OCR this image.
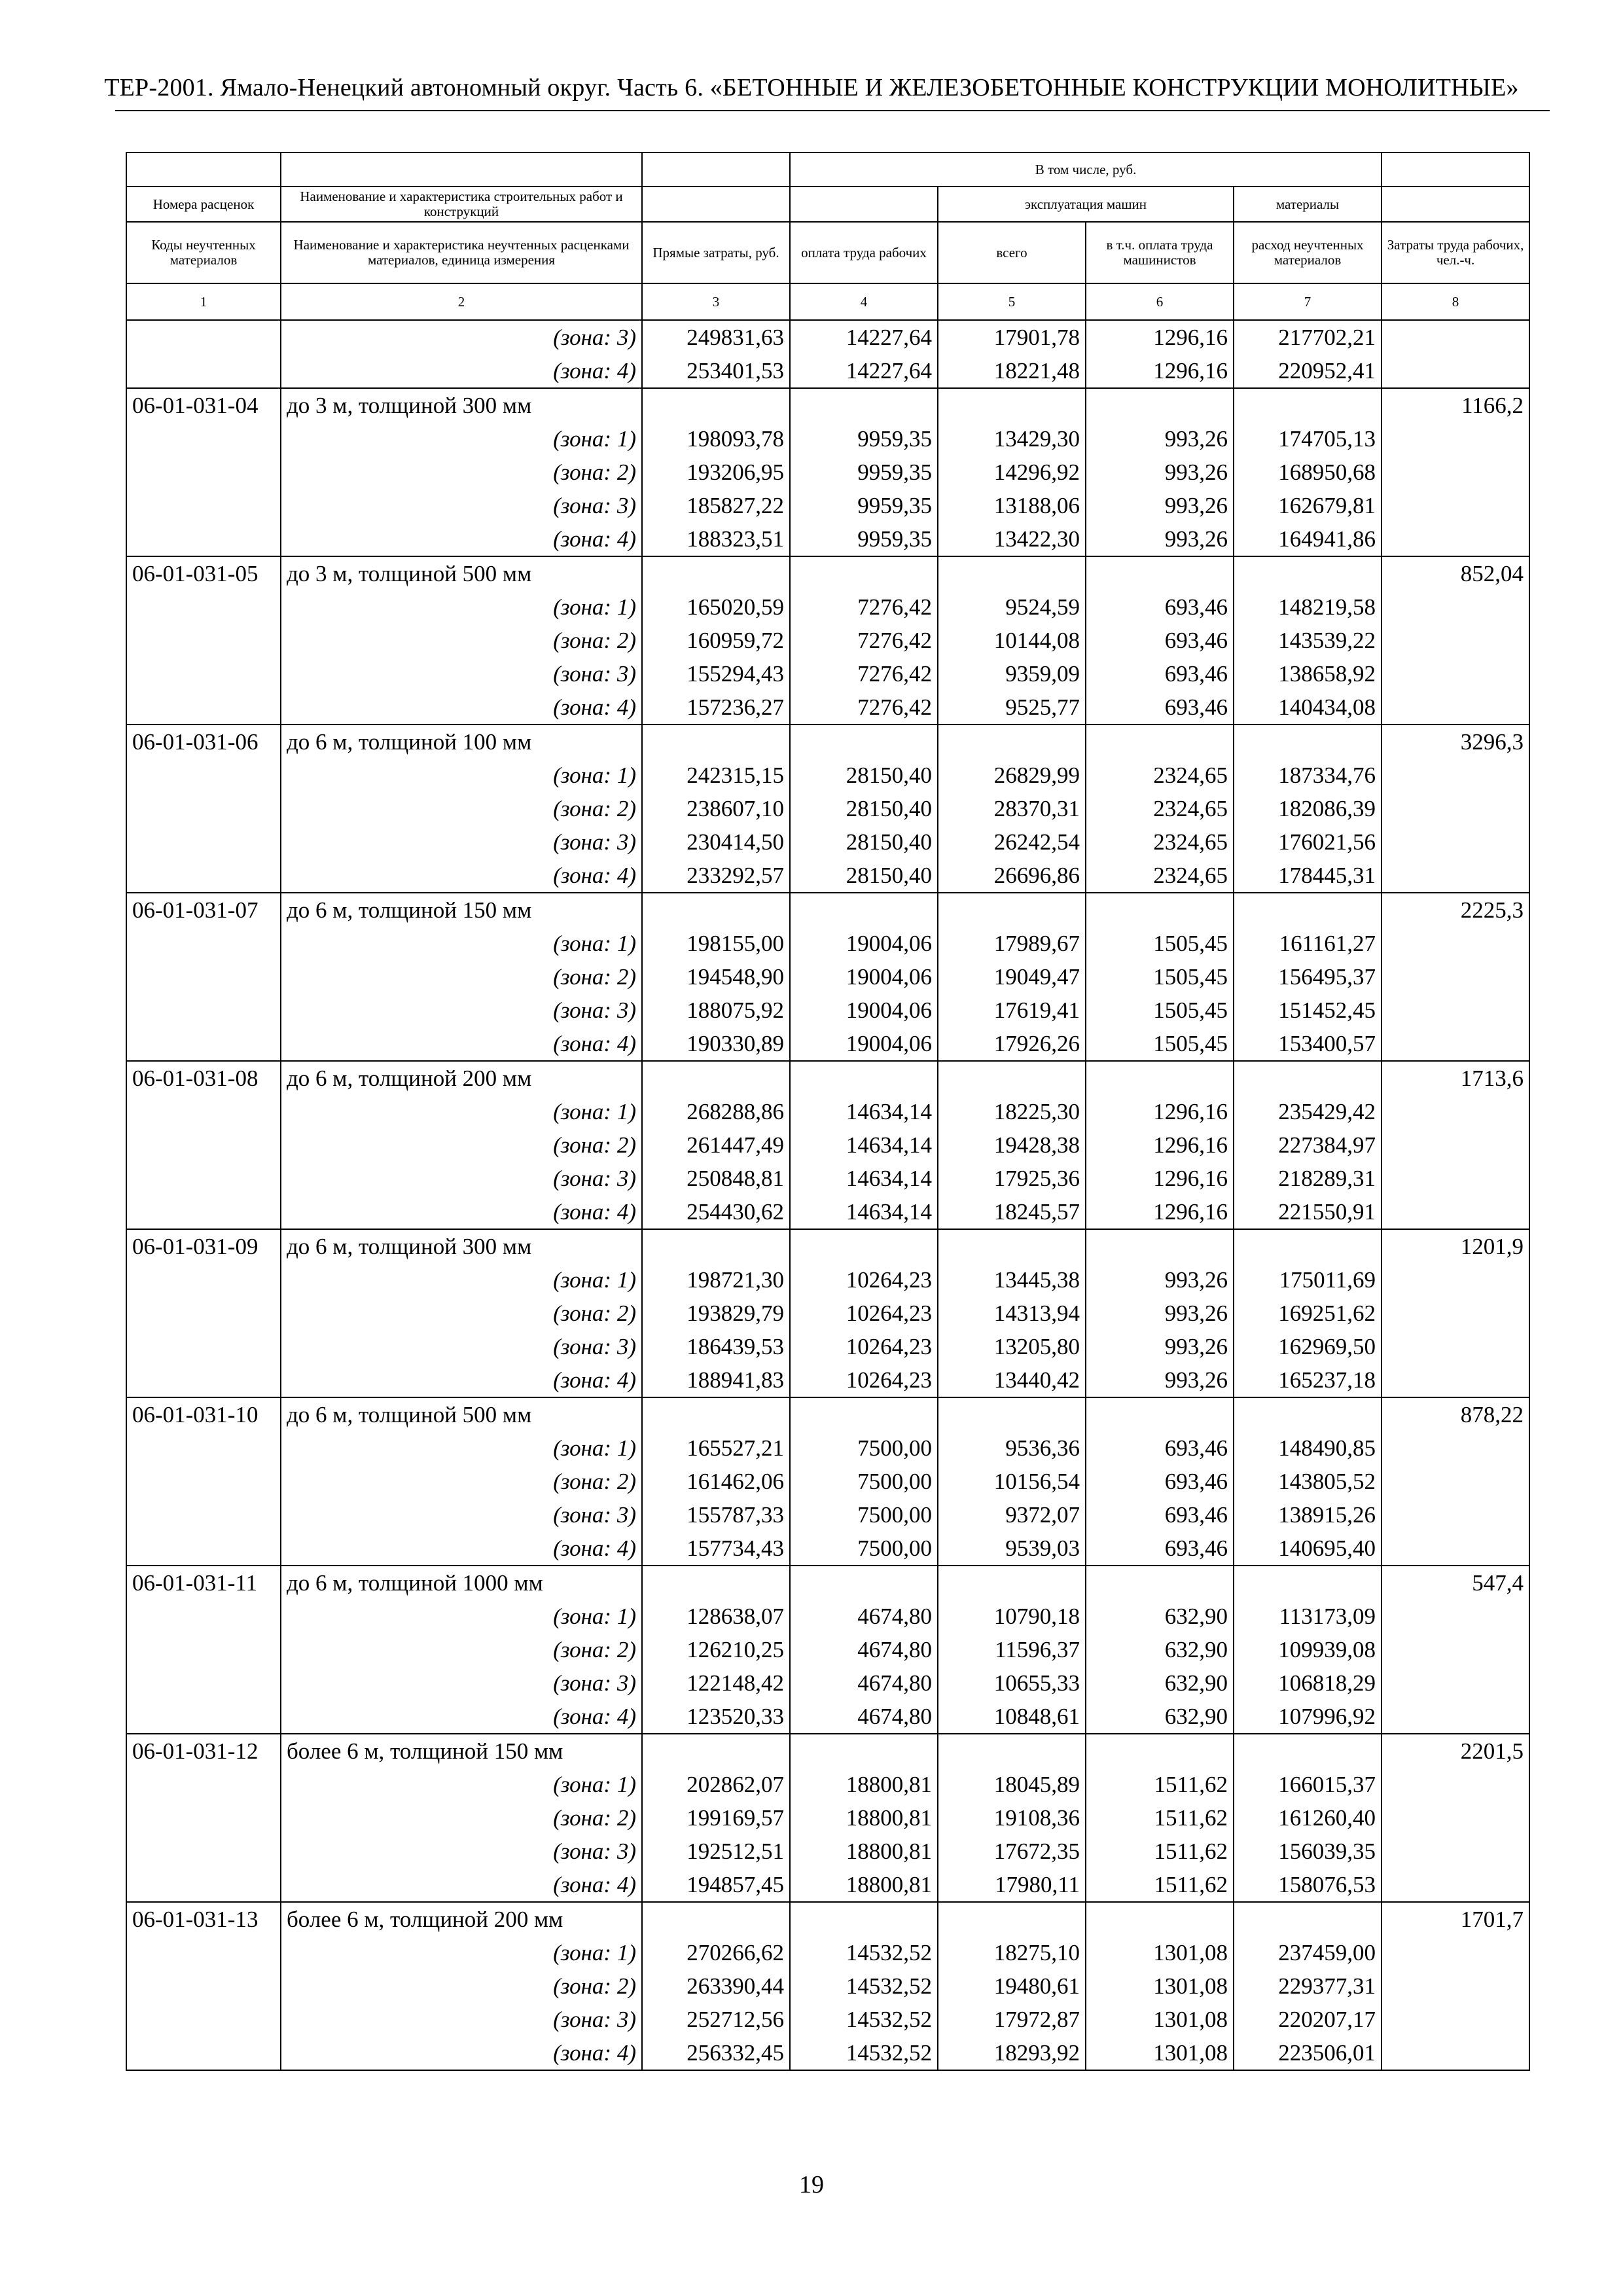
ТЕР-2001. Ямало-Ненецкий автономный округ. Часть 6. «БЕТОННЫЕ И ЖЕЛЕЗОБЕТОННЫЕ КОНСТРУКЦИИ МОНОЛИТНЫЕ»
			В том числе, руб.				
Номера расценок	Наименование и характеристика строительных работ и конструкций			эксплуатация машин		материалы	
Коды неучтенных материалов	Наименование и характеристика неучтенных расценками материалов, единица измерения	Прямые затраты, руб.	оплата труда рабочих	всего	в т.ч. оплата труда машинистов	расход неучтенных материалов	Затраты труда рабочих, чел.-ч.
1	2	3	4	5	6	7	8
	(зона: 3)	249831,63	14227,64	17901,78	1296,16	217702,21	
	(зона: 4)	253401,53	14227,64	18221,48	1296,16	220952,41	
06-01-031-04	до 3 м, толщиной 300 мм						1166,2
	(зона: 1)	198093,78	9959,35	13429,30	993,26	174705,13	
	(зона: 2)	193206,95	9959,35	14296,92	993,26	168950,68	
	(зона: 3)	185827,22	9959,35	13188,06	993,26	162679,81	
	(зона: 4)	188323,51	9959,35	13422,30	993,26	164941,86	
06-01-031-05	до 3 м, толщиной 500 мм						852,04
	(зона: 1)	165020,59	7276,42	9524,59	693,46	148219,58	
	(зона: 2)	160959,72	7276,42	10144,08	693,46	143539,22	
	(зона: 3)	155294,43	7276,42	9359,09	693,46	138658,92	
	(зона: 4)	157236,27	7276,42	9525,77	693,46	140434,08	
06-01-031-06	до 6 м, толщиной 100 мм						3296,3
	(зона: 1)	242315,15	28150,40	26829,99	2324,65	187334,76	
	(зона: 2)	238607,10	28150,40	28370,31	2324,65	182086,39	
	(зона: 3)	230414,50	28150,40	26242,54	2324,65	176021,56	
	(зона: 4)	233292,57	28150,40	26696,86	2324,65	178445,31	
06-01-031-07	до 6 м, толщиной 150 мм						2225,3
	(зона: 1)	198155,00	19004,06	17989,67	1505,45	161161,27	
	(зона: 2)	194548,90	19004,06	19049,47	1505,45	156495,37	
	(зона: 3)	188075,92	19004,06	17619,41	1505,45	151452,45	
	(зона: 4)	190330,89	19004,06	17926,26	1505,45	153400,57	
06-01-031-08	до 6 м, толщиной 200 мм						1713,6
	(зона: 1)	268288,86	14634,14	18225,30	1296,16	235429,42	
	(зона: 2)	261447,49	14634,14	19428,38	1296,16	227384,97	
	(зона: 3)	250848,81	14634,14	17925,36	1296,16	218289,31	
	(зона: 4)	254430,62	14634,14	18245,57	1296,16	221550,91	
06-01-031-09	до 6 м, толщиной 300 мм						1201,9
	(зона: 1)	198721,30	10264,23	13445,38	993,26	175011,69	
	(зона: 2)	193829,79	10264,23	14313,94	993,26	169251,62	
	(зона: 3)	186439,53	10264,23	13205,80	993,26	162969,50	
	(зона: 4)	188941,83	10264,23	13440,42	993,26	165237,18	
06-01-031-10	до 6 м, толщиной 500 мм						878,22
	(зона: 1)	165527,21	7500,00	9536,36	693,46	148490,85	
	(зона: 2)	161462,06	7500,00	10156,54	693,46	143805,52	
	(зона: 3)	155787,33	7500,00	9372,07	693,46	138915,26	
	(зона: 4)	157734,43	7500,00	9539,03	693,46	140695,40	
06-01-031-11	до 6 м, толщиной 1000 мм						547,4
	(зона: 1)	128638,07	4674,80	10790,18	632,90	113173,09	
	(зона: 2)	126210,25	4674,80	11596,37	632,90	109939,08	
	(зона: 3)	122148,42	4674,80	10655,33	632,90	106818,29	
	(зона: 4)	123520,33	4674,80	10848,61	632,90	107996,92	
06-01-031-12	более 6 м, толщиной 150 мм						2201,5
	(зона: 1)	202862,07	18800,81	18045,89	1511,62	166015,37	
	(зона: 2)	199169,57	18800,81	19108,36	1511,62	161260,40	
	(зона: 3)	192512,51	18800,81	17672,35	1511,62	156039,35	
	(зона: 4)	194857,45	18800,81	17980,11	1511,62	158076,53	
06-01-031-13	более 6 м, толщиной 200 мм						1701,7
	(зона: 1)	270266,62	14532,52	18275,10	1301,08	237459,00	
	(зона: 2)	263390,44	14532,52	19480,61	1301,08	229377,31	
	(зона: 3)	252712,56	14532,52	17972,87	1301,08	220207,17	
	(зона: 4)	256332,45	14532,52	18293,92	1301,08	223506,01	
19
